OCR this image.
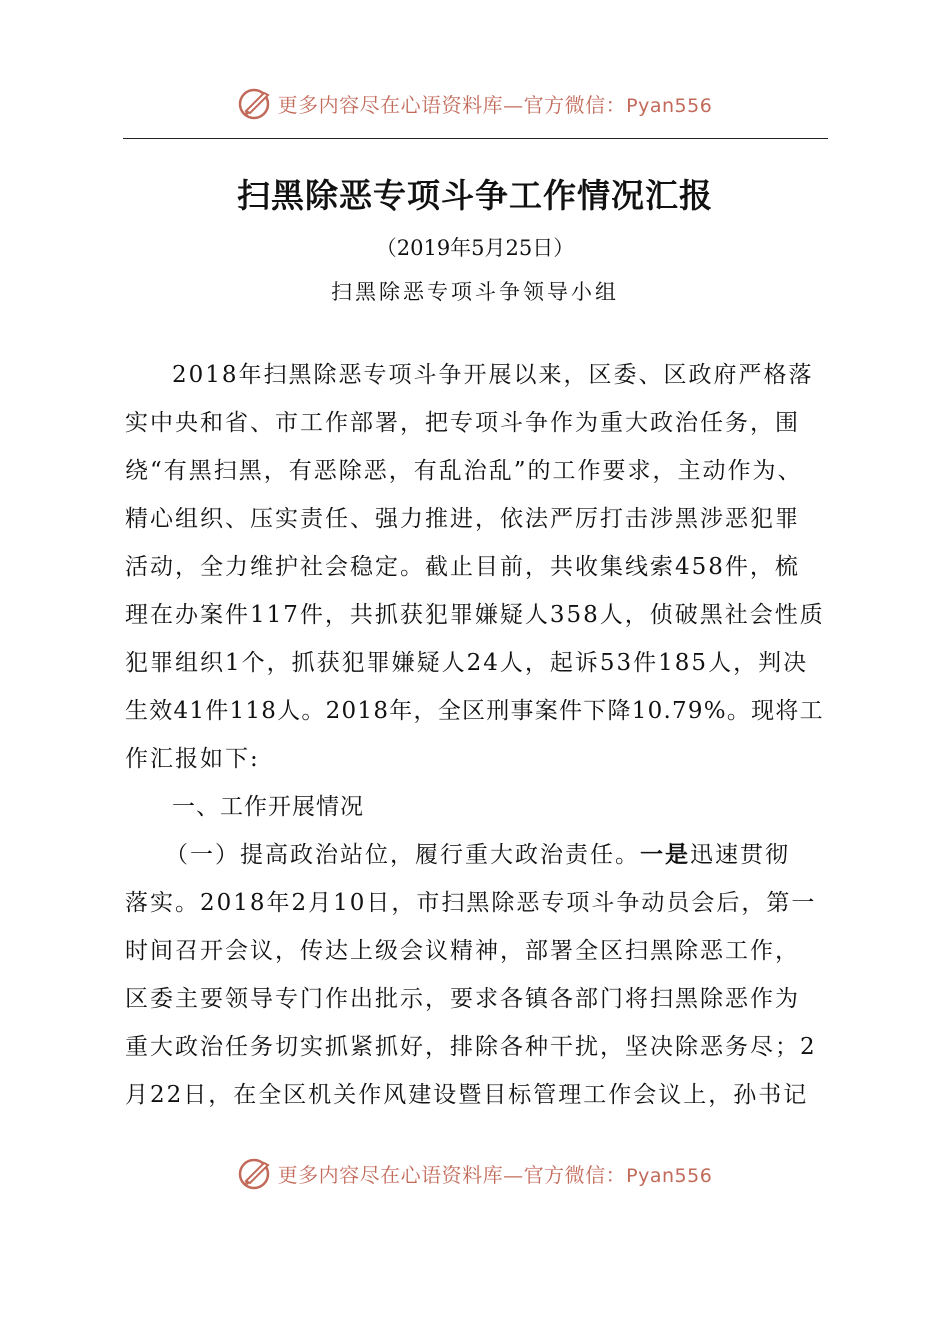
更多内容尽在心语资料库—官方微信：Pyan556
扫黑除恶专项斗争工作情况汇报
（2019年5月25日）
扫黑除恶专项斗争领导小组
2018年扫黑除恶专项斗争开展以来，区委、区政府严格落
实中央和省、市工作部署，把专项斗争作为重大政治任务，围
绕“有黑扫黑，有恶除恶，有乱治乱”的工作要求，主动作为、
精心组织、压实责任、强力推进，依法严厉打击涉黑涉恶犯罪
活动，全力维护社会稳定。截止目前，共收集线索458件，梳
理在办案件117件，共抓获犯罪嫌疑人358人，侦破黑社会性质
犯罪组织1个，抓获犯罪嫌疑人24人，起诉53件185人，判决
生效41件118人。2018年，全区刑事案件下降10.79%。现将工
作汇报如下:
一、工作开展情况
（一）提高政治站位，履行重大政治责任。一是迅速贯彻
落实。2018年2月10日，市扫黑除恶专项斗争动员会后，第一
时间召开会议，传达上级会议精神，部署全区扫黑除恶工作，
区委主要领导专门作出批示，要求各镇各部门将扫黑除恶作为
重大政治任务切实抓紧抓好，排除各种干扰，坚决除恶务尽；2
月22日，在全区机关作风建设暨目标管理工作会议上，孙书记
更多内容尽在心语资料库—官方微信：Pyan556
